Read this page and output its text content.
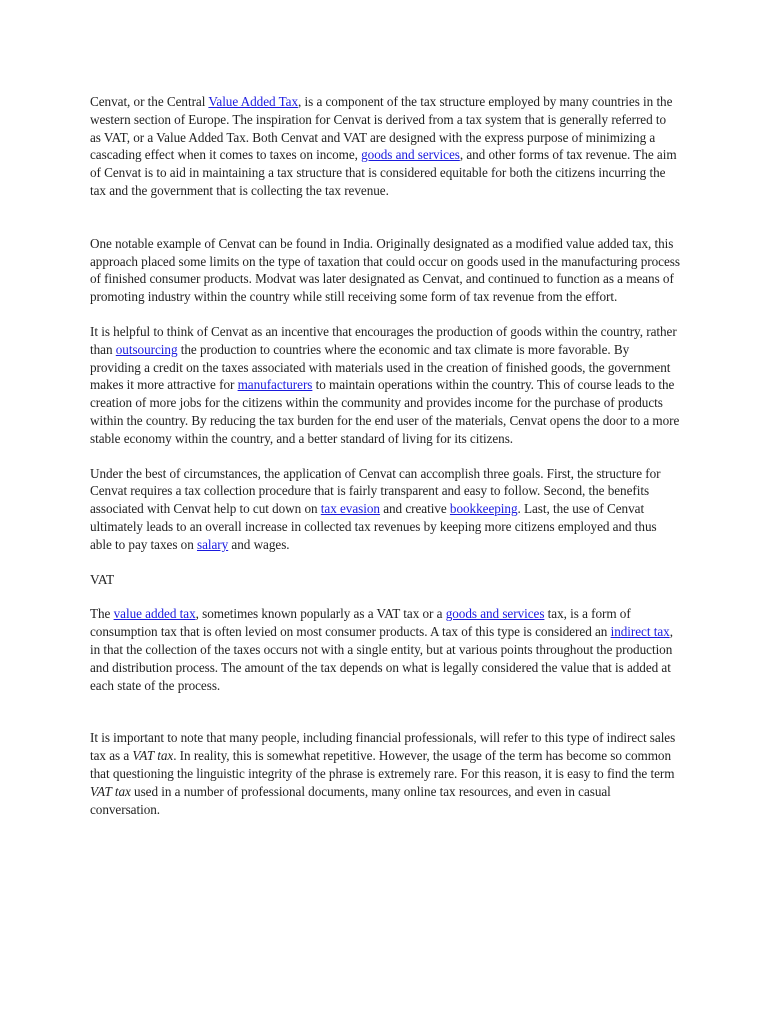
Cenvat, or the Central Value Added Tax, is a component of the tax structure employed by many countries in the western section of Europe. The inspiration for Cenvat is derived from a tax system that is generally referred to as VAT, or a Value Added Tax. Both Cenvat and VAT are designed with the express purpose of minimizing a cascading effect when it comes to taxes on income, goods and services, and other forms of tax revenue. The aim of Cenvat is to aid in maintaining a tax structure that is considered equitable for both the citizens incurring the tax and the government that is collecting the tax revenue.

One notable example of Cenvat can be found in India. Originally designated as a modified value added tax, this approach placed some limits on the type of taxation that could occur on goods used in the manufacturing process of finished consumer products. Modvat was later designated as Cenvat, and continued to function as a means of promoting industry within the country while still receiving some form of tax revenue from the effort.

It is helpful to think of Cenvat as an incentive that encourages the production of goods within the country, rather than outsourcing the production to countries where the economic and tax climate is more favorable. By providing a credit on the taxes associated with materials used in the creation of finished goods, the government makes it more attractive for manufacturers to maintain operations within the country. This of course leads to the creation of more jobs for the citizens within the community and provides income for the purchase of products within the country. By reducing the tax burden for the end user of the materials, Cenvat opens the door to a more stable economy within the country, and a better standard of living for its citizens.

Under the best of circumstances, the application of Cenvat can accomplish three goals. First, the structure for Cenvat requires a tax collection procedure that is fairly transparent and easy to follow. Second, the benefits associated with Cenvat help to cut down on tax evasion and creative bookkeeping. Last, the use of Cenvat ultimately leads to an overall increase in collected tax revenues by keeping more citizens employed and thus able to pay taxes on salary and wages.

VAT

The value added tax, sometimes known popularly as a VAT tax or a goods and services tax, is a form of consumption tax that is often levied on most consumer products. A tax of this type is considered an indirect tax, in that the collection of the taxes occurs not with a single entity, but at various points throughout the production and distribution process. The amount of the tax depends on what is legally considered the value that is added at each state of the process.

It is important to note that many people, including financial professionals, will refer to this type of indirect sales tax as a VAT tax. In reality, this is somewhat repetitive. However, the usage of the term has become so common that questioning the linguistic integrity of the phrase is extremely rare. For this reason, it is easy to find the term VAT tax used in a number of professional documents, many online tax resources, and even in casual conversation.
